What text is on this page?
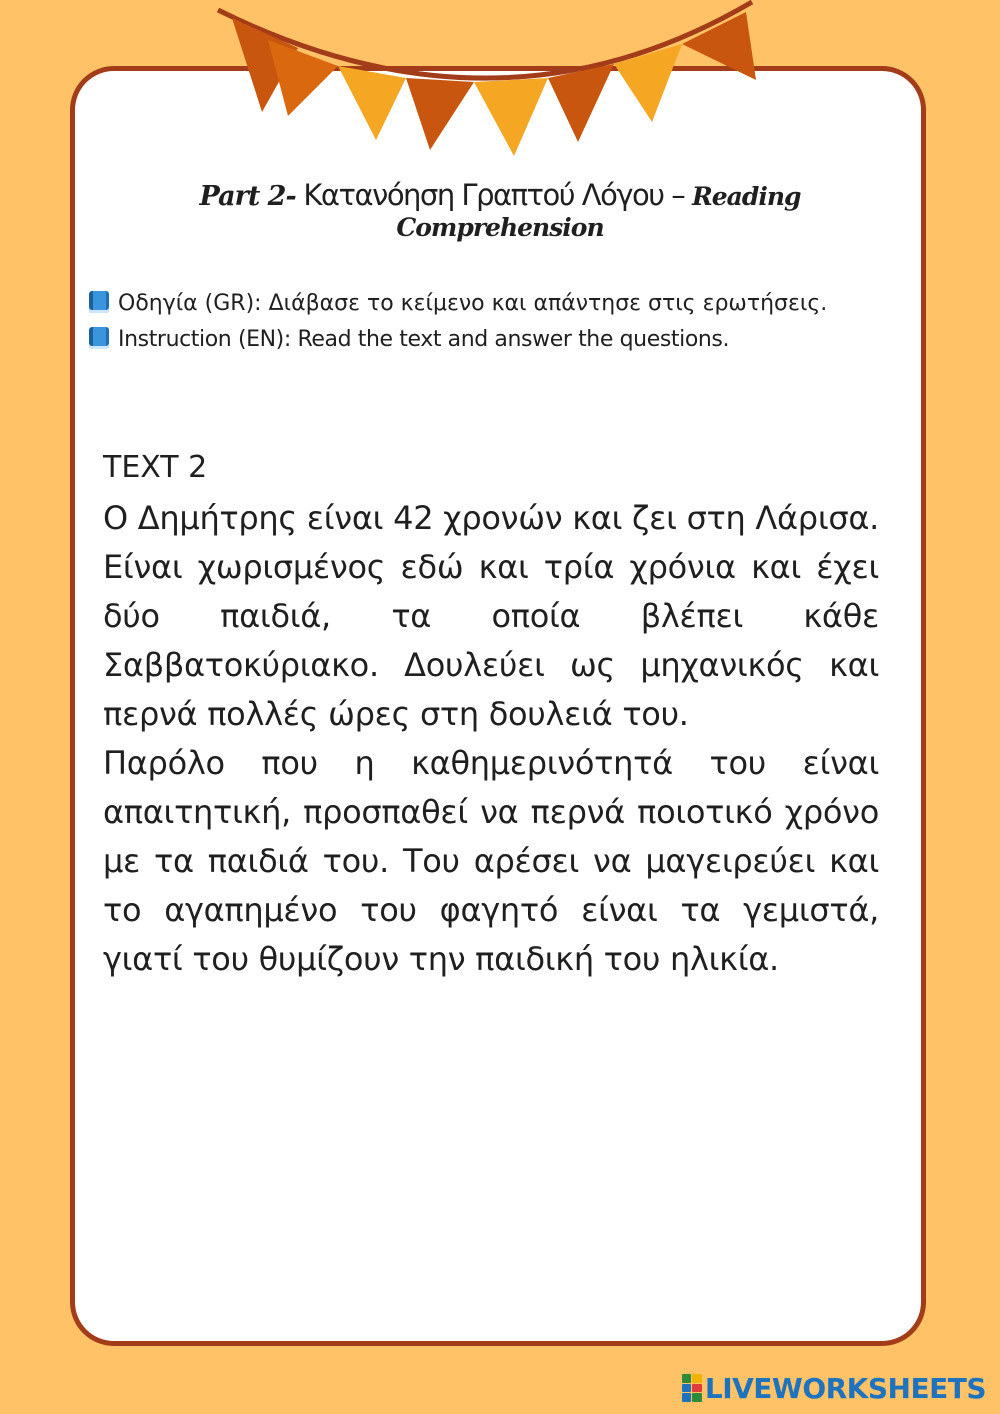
Part 2- Κατανόηση Γραπτού Λόγου – Reading
Comprehension
Οδηγία (GR): Διάβασε το κείμενο και απάντησε στις ερωτήσεις.
Instruction (EN): Read the text and answer the questions.
TEXT 2

Ο Δημήτρης είναι 42 χρονών και ζει στη Λάρισα. Είναι χωρισμένος εδώ και τρία χρόνια και έχει δύο παιδιά, τα οποία βλέπει κάθε Σαββατοκύριακο. Δουλεύει ως μηχανικός και περνά πολλές ώρες στη δουλειά του.

Παρόλο που η καθημερινότητά του είναι απαιτητική, προσπαθεί να περνά ποιοτικό χρόνο με τα παιδιά του. Του αρέσει να μαγειρεύει και το αγαπημένο του φαγητό είναι τα γεμιστά, γιατί του θυμίζουν την παιδική του ηλικία.

LIVEWORKSHEETS
